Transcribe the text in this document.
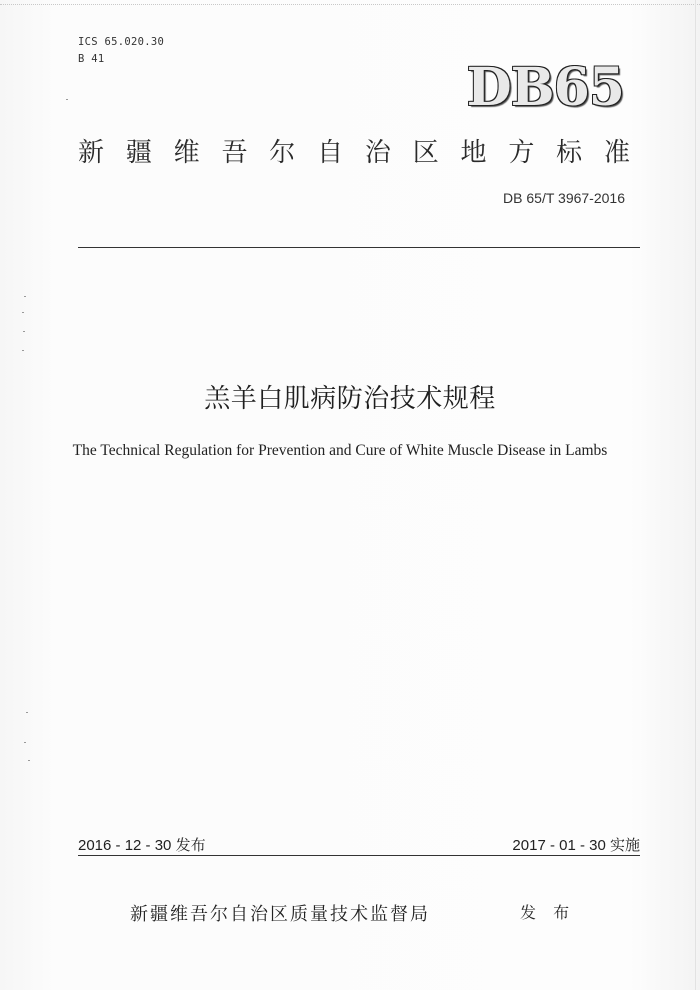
ICS 65.020.30
B 41	DB65
新 疆 维 吾 尔 自 治 区 地 方 标 准
DB 65/T 3967-2016
羔羊白肌病防治技术规程
The Technical Regulation for Prevention and Cure of White Muscle Disease in Lambs
2016 - 12 - 30 发布	2017 - 01 - 30 实施
新疆维吾尔自治区质量技术监督局	发 布
